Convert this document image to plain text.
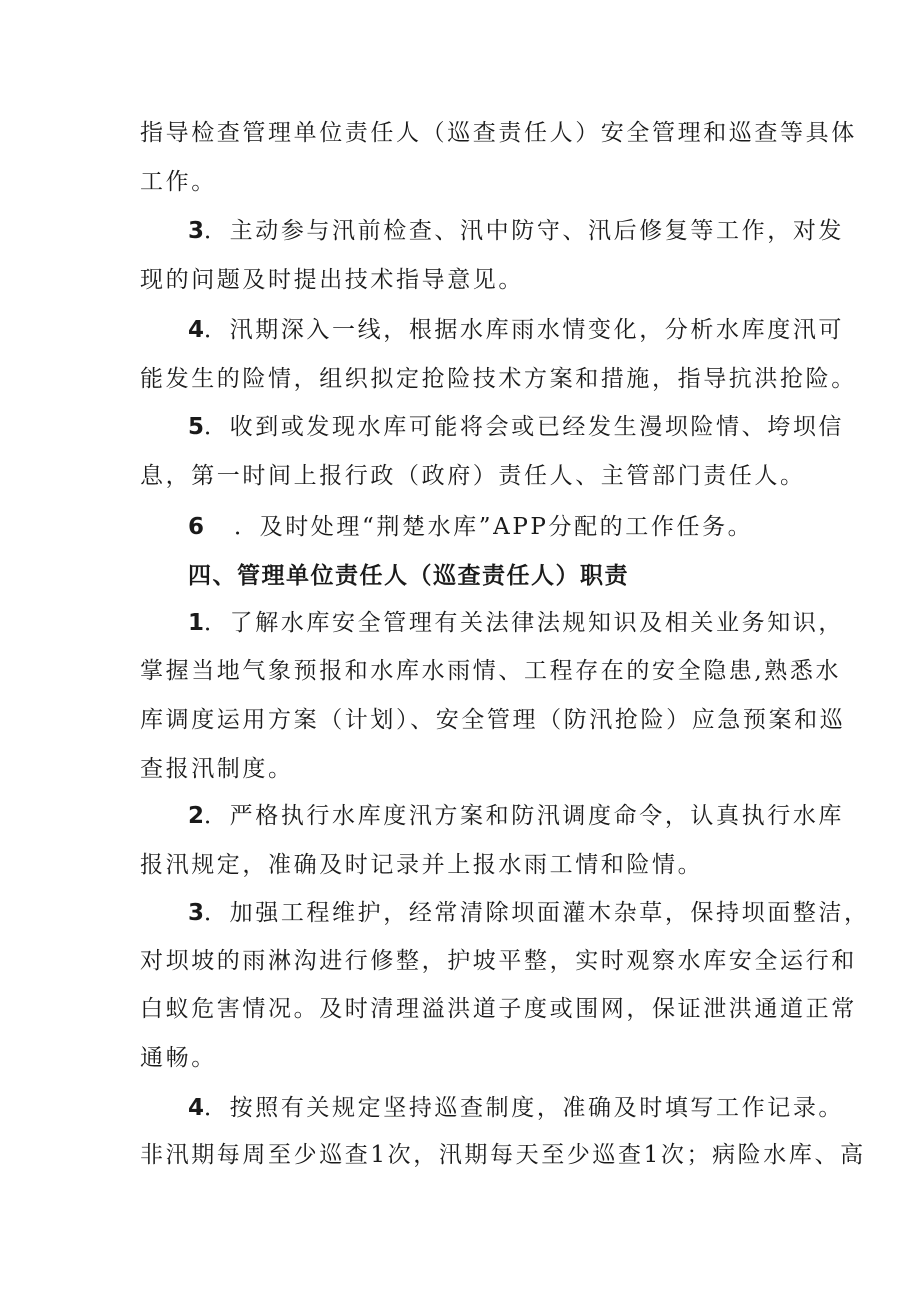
指导检查管理单位责任人（巡查责任人）安全管理和巡查等具体
工作。
3．主动参与汛前检查、汛中防守、汛后修复等工作，对发
现的问题及时提出技术指导意见。
4．汛期深入一线，根据水库雨水情变化，分析水库度汛可
能发生的险情，组织拟定抢险技术方案和措施，指导抗洪抢险。
5．收到或发现水库可能将会或已经发生漫坝险情、垮坝信
息，第一时间上报行政（政府）责任人、主管部门责任人。
6 ．及时处理“荆楚水库”APP分配的工作任务。
四、管理单位责任人（巡查责任人）职责
1．了解水库安全管理有关法律法规知识及相关业务知识，
掌握当地气象预报和水库水雨情、工程存在的安全隐患,熟悉水
库调度运用方案（计划）、安全管理（防汛抢险）应急预案和巡
查报汛制度。
2．严格执行水库度汛方案和防汛调度命令，认真执行水库
报汛规定，准确及时记录并上报水雨工情和险情。
3．加强工程维护，经常清除坝面灌木杂草，保持坝面整洁，
对坝坡的雨淋沟进行修整，护坡平整，实时观察水库安全运行和
白蚁危害情况。及时清理溢洪道子度或围网，保证泄洪通道正常
通畅。
4．按照有关规定坚持巡查制度，准确及时填写工作记录。
非汛期每周至少巡查1次，汛期每天至少巡查1次；病险水库、高
